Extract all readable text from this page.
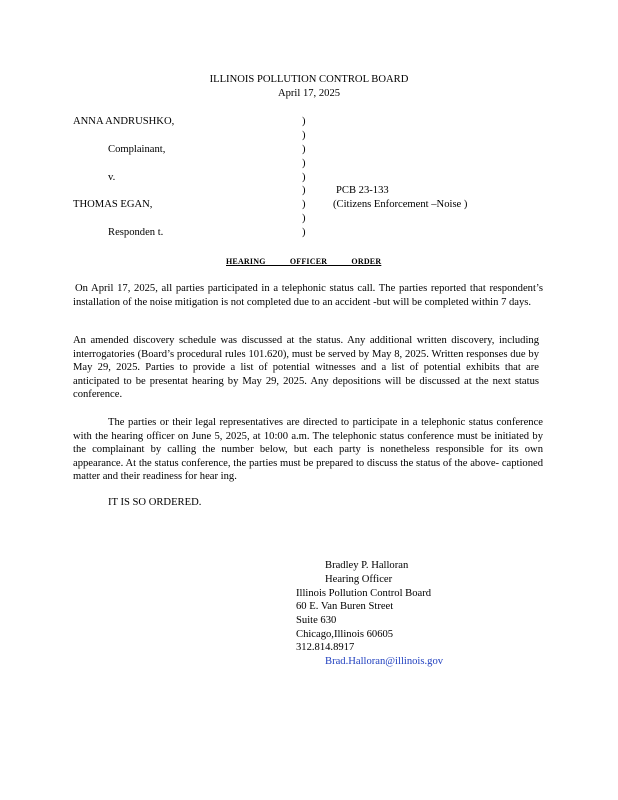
ILLINOIS POLLUTION CONTROL BOARD
April 17, 2025
ANNA ANDRUSHKO,
Complainant,
v.
THOMAS EGAN,
Responden t.
)
)
)
)
)
)
)
)
)
PCB 23-133
(Citizens Enforcement –Noise )
HEARING OFFICER ORDER
On April 17, 2025, all parties participated in a telephonic status call. The parties reported that respondent’s installation of the noise mitigation is not completed due to an accident -but will be completed within 7 days.
An amended discovery schedule was discussed at the status. Any additional written discovery, including interrogatories (Board’s procedural rules 101.620), must be served by May 8, 2025. Written responses due by May 29, 2025. Parties to provide a list of potential witnesses and a list of potential exhibits that are anticipated to be presentat hearing by May 29, 2025. Any depositions will be discussed at the next status conference.
The parties or their legal representatives are directed to participate in a telephonic status conference with the hearing officer on June 5, 2025, at 10:00 a.m. The telephonic status conference must be initiated by the complainant by calling the number below, but each party is nonetheless responsible for its own appearance. At the status conference, the parties must be prepared to discuss the status of the above- captioned matter and their readiness for hear ing.
IT IS SO ORDERED.
Bradley P. Halloran
Hearing Officer
Illinois Pollution Control Board
60 E. Van Buren Street
Suite 630
Chicago,Illinois 60605
312.814.8917
Brad.Halloran@illinois.gov
